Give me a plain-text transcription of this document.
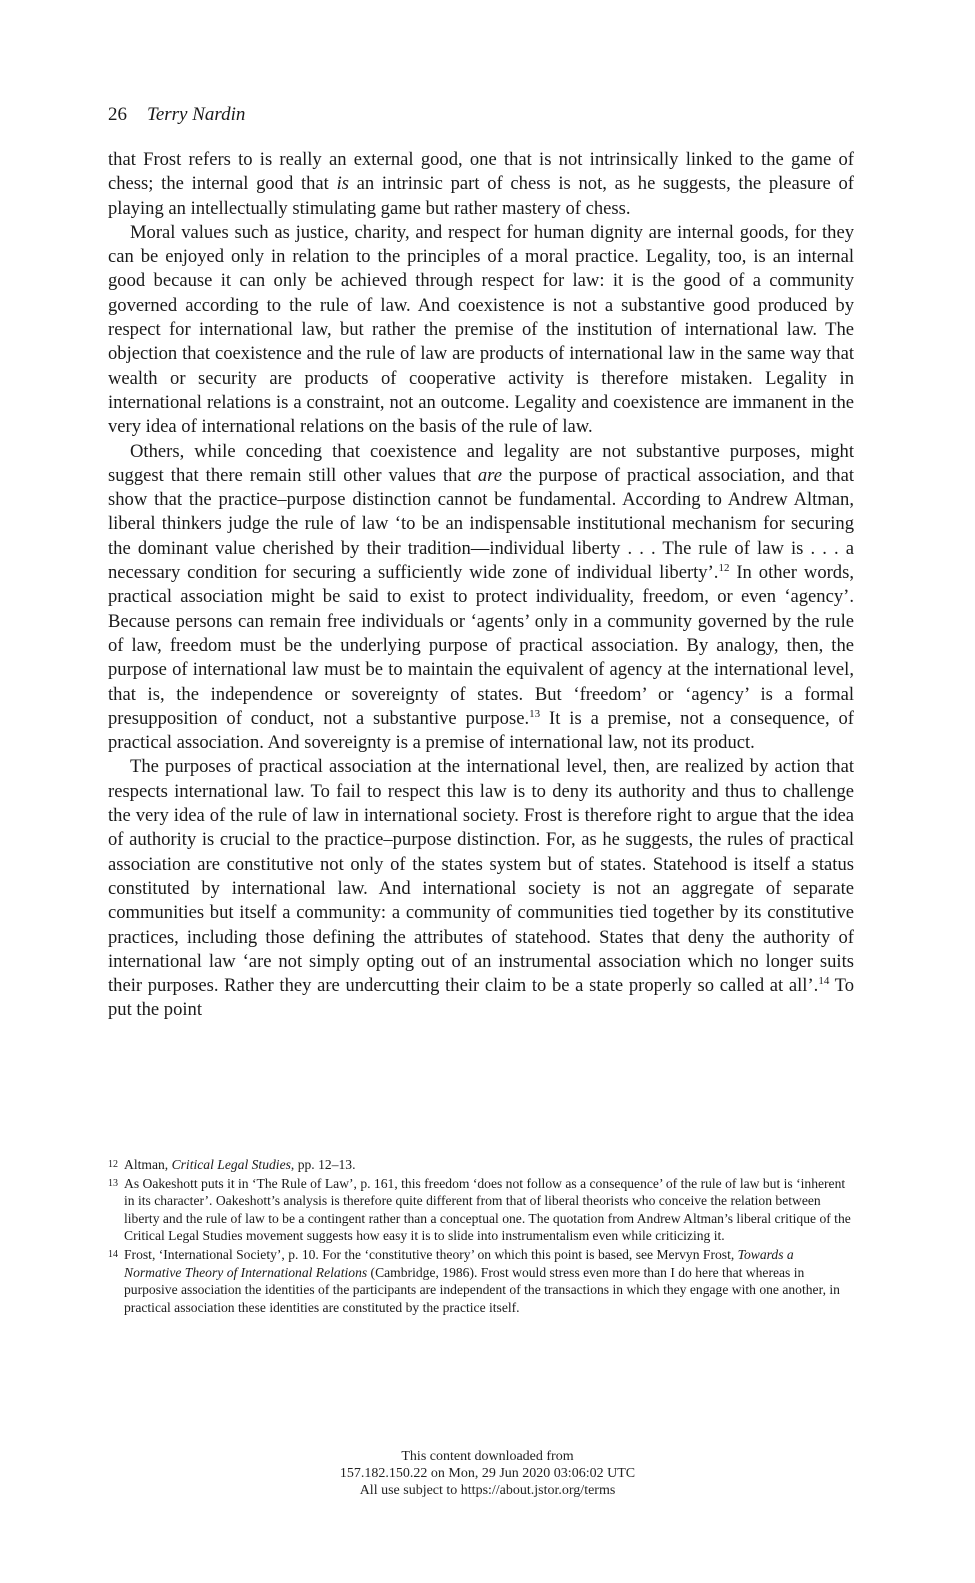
26 Terry Nardin

that Frost refers to is really an external good, one that is not intrinsically linked to the game of chess; the internal good that is an intrinsic part of chess is not, as he suggests, the pleasure of playing an intellectually stimulating game but rather mastery of chess.

Moral values such as justice, charity, and respect for human dignity are internal goods, for they can be enjoyed only in relation to the principles of a moral practice. Legality, too, is an internal good because it can only be achieved through respect for law: it is the good of a community governed according to the rule of law. And coexistence is not a substantive good produced by respect for international law, but rather the premise of the institution of international law. The objection that coexistence and the rule of law are products of international law in the same way that wealth or security are products of cooperative activity is therefore mistaken. Legality in international relations is a constraint, not an outcome. Legality and coexistence are immanent in the very idea of international relations on the basis of the rule of law.

Others, while conceding that coexistence and legality are not substantive purposes, might suggest that there remain still other values that are the purpose of practical association, and that show that the practice–purpose distinction cannot be fundamental. According to Andrew Altman, liberal thinkers judge the rule of law ‘to be an indispensable institutional mechanism for securing the dominant value cherished by their tradition—individual liberty . . . The rule of law is . . . a necessary condition for securing a sufficiently wide zone of individual liberty’.$^{12}$ In other words, practical association might be said to exist to protect individuality, freedom, or even ‘agency’. Because persons can remain free individuals or ‘agents’ only in a community governed by the rule of law, freedom must be the underlying purpose of practical association. By analogy, then, the purpose of international law must be to maintain the equivalent of agency at the international level, that is, the independence or sovereignty of states. But ‘freedom’ or ‘agency’ is a formal presupposition of conduct, not a substantive purpose.$^{13}$ It is a premise, not a consequence, of practical association. And sovereignty is a premise of international law, not its product.

The purposes of practical association at the international level, then, are realized by action that respects international law. To fail to respect this law is to deny its authority and thus to challenge the very idea of the rule of law in international society. Frost is therefore right to argue that the idea of authority is crucial to the practice–purpose distinction. For, as he suggests, the rules of practical association are constitutive not only of the states system but of states. Statehood is itself a status constituted by international law. And international society is not an aggregate of separate communities but itself a community: a community of communities tied together by its constitutive practices, including those defining the attributes of statehood. States that deny the authority of international law ‘are not simply opting out of an instrumental association which no longer suits their purposes. Rather they are undercutting their claim to be a state properly so called at all’.$^{14}$ To put the point

12 Altman, Critical Legal Studies, pp. 12–13.
13 As Oakeshott puts it in ‘The Rule of Law’, p. 161, this freedom ‘does not follow as a consequence’ of the rule of law but is ‘inherent in its character’. Oakeshott’s analysis is therefore quite different from that of liberal theorists who conceive the relation between liberty and the rule of law to be a contingent rather than a conceptual one. The quotation from Andrew Altman’s liberal critique of the Critical Legal Studies movement suggests how easy it is to slide into instrumentalism even while criticizing it.
14 Frost, ‘International Society’, p. 10. For the ‘constitutive theory’ on which this point is based, see Mervyn Frost, Towards a Normative Theory of International Relations (Cambridge, 1986). Frost would stress even more than I do here that whereas in purposive association the identities of the participants are independent of the transactions in which they engage with one another, in practical association these identities are constituted by the practice itself.
This content downloaded from
157.182.150.22 on Mon, 29 Jun 2020 03:06:02 UTC
All use subject to https://about.jstor.org/terms
